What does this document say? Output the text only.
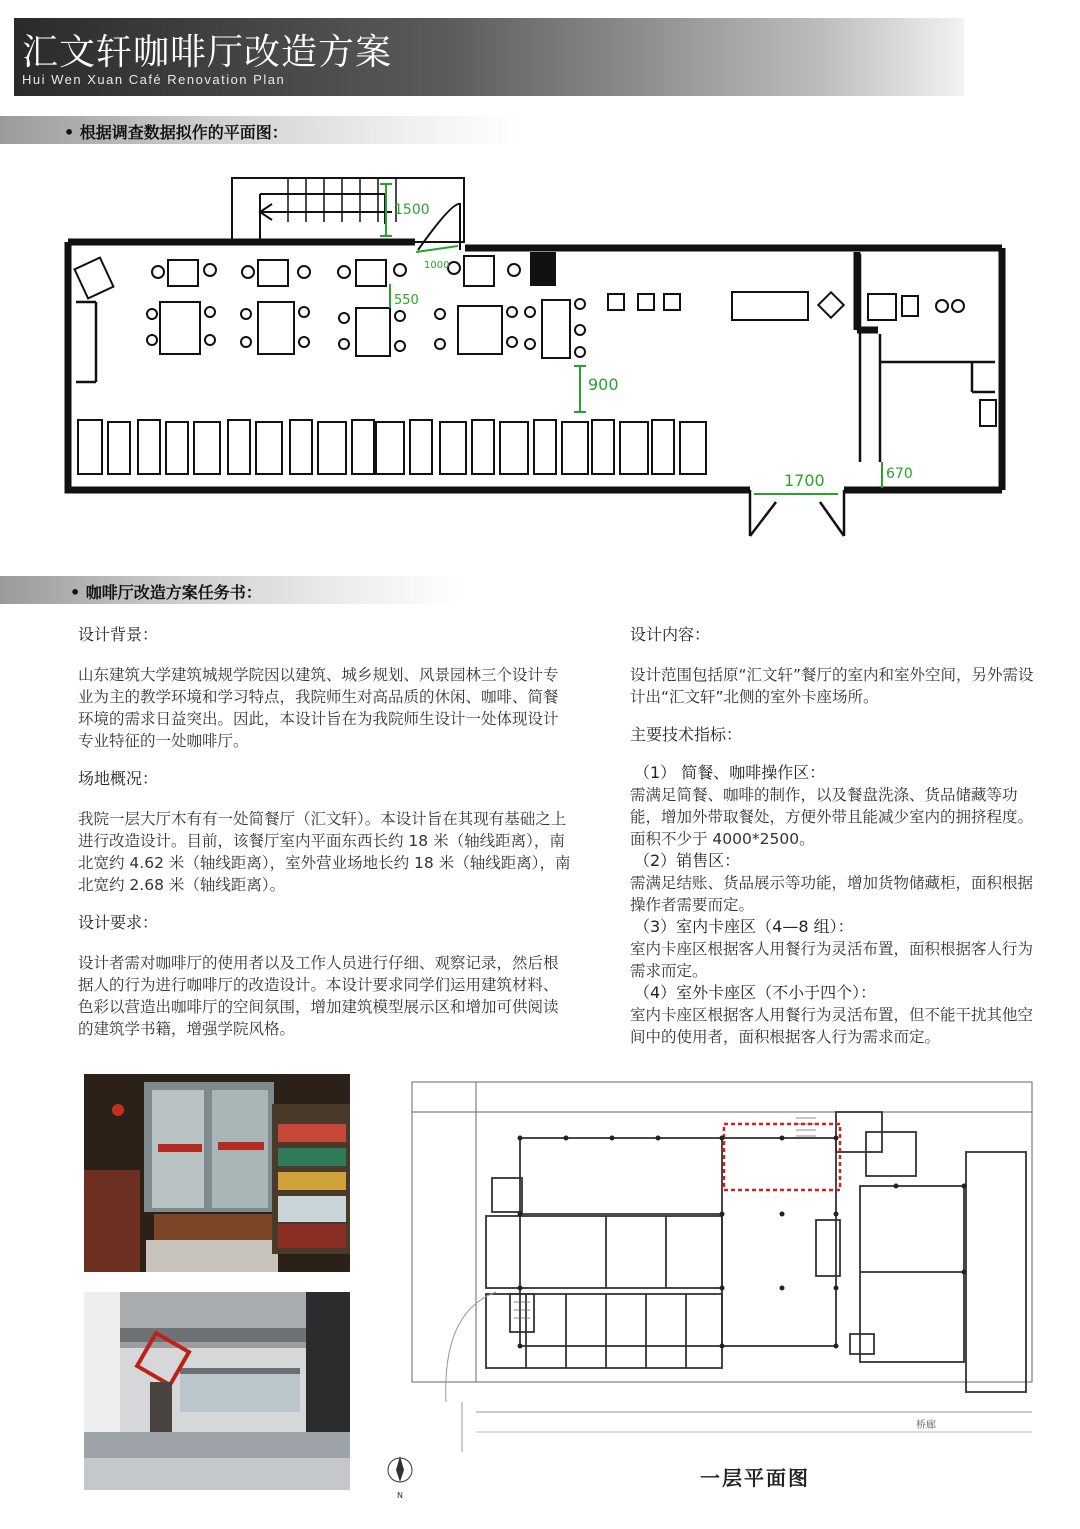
汇文轩咖啡厅改造方案
Hui Wen Xuan Café Renovation Plan
• 根据调查数据拟作的平面图：
1500
1000
550
900
1700	670
• 咖啡厅改造方案任务书：
设计背景：
山东建筑大学建筑城规学院因以建筑、城乡规划、风景园林三个设计专业为主的教学环境和学习特点，我院师生对高品质的休闲、咖啡、简餐环境的需求日益突出。因此，本设计旨在为我院师生设计一处体现设计专业特征的一处咖啡厅。
场地概况：
我院一层大厅木有有一处简餐厅（汇文轩）。本设计旨在其现有基础之上进行改造设计。目前，该餐厅室内平面东西长约 18 米（轴线距离），南北宽约 4.62 米（轴线距离），室外营业场地长约 18 米（轴线距离），南北宽约 2.68 米（轴线距离）。
设计要求：
设计者需对咖啡厅的使用者以及工作人员进行仔细、观察记录，然后根据人的行为进行咖啡厅的改造设计。本设计要求同学们运用建筑材料、色彩以营造出咖啡厅的空间氛围，增加建筑模型展示区和增加可供阅读的建筑学书籍，增强学院风格。
设计内容：
设计范围包括原“汇文轩”餐厅的室内和室外空间，另外需设计出“汇文轩”北侧的室外卡座场所。
主要技术指标：
（1） 简餐、咖啡操作区：
需满足简餐、咖啡的制作，以及餐盘洗涤、货品储藏等功能，增加外带取餐处，方便外带且能减少室内的拥挤程度。面积不少于 4000*2500。
（2）销售区：
需满足结账、货品展示等功能，增加货物储藏柜，面积根据操作者需要而定。
（3）室内卡座区（4—8 组）：
室内卡座区根据客人用餐行为灵活布置，面积根据客人行为需求而定。
（4）室外卡座区（不小于四个）：
室内卡座区根据客人用餐行为灵活布置，但不能干扰其他空间中的使用者，面积根据客人行为需求而定。
桥廊
N
一层平面图
